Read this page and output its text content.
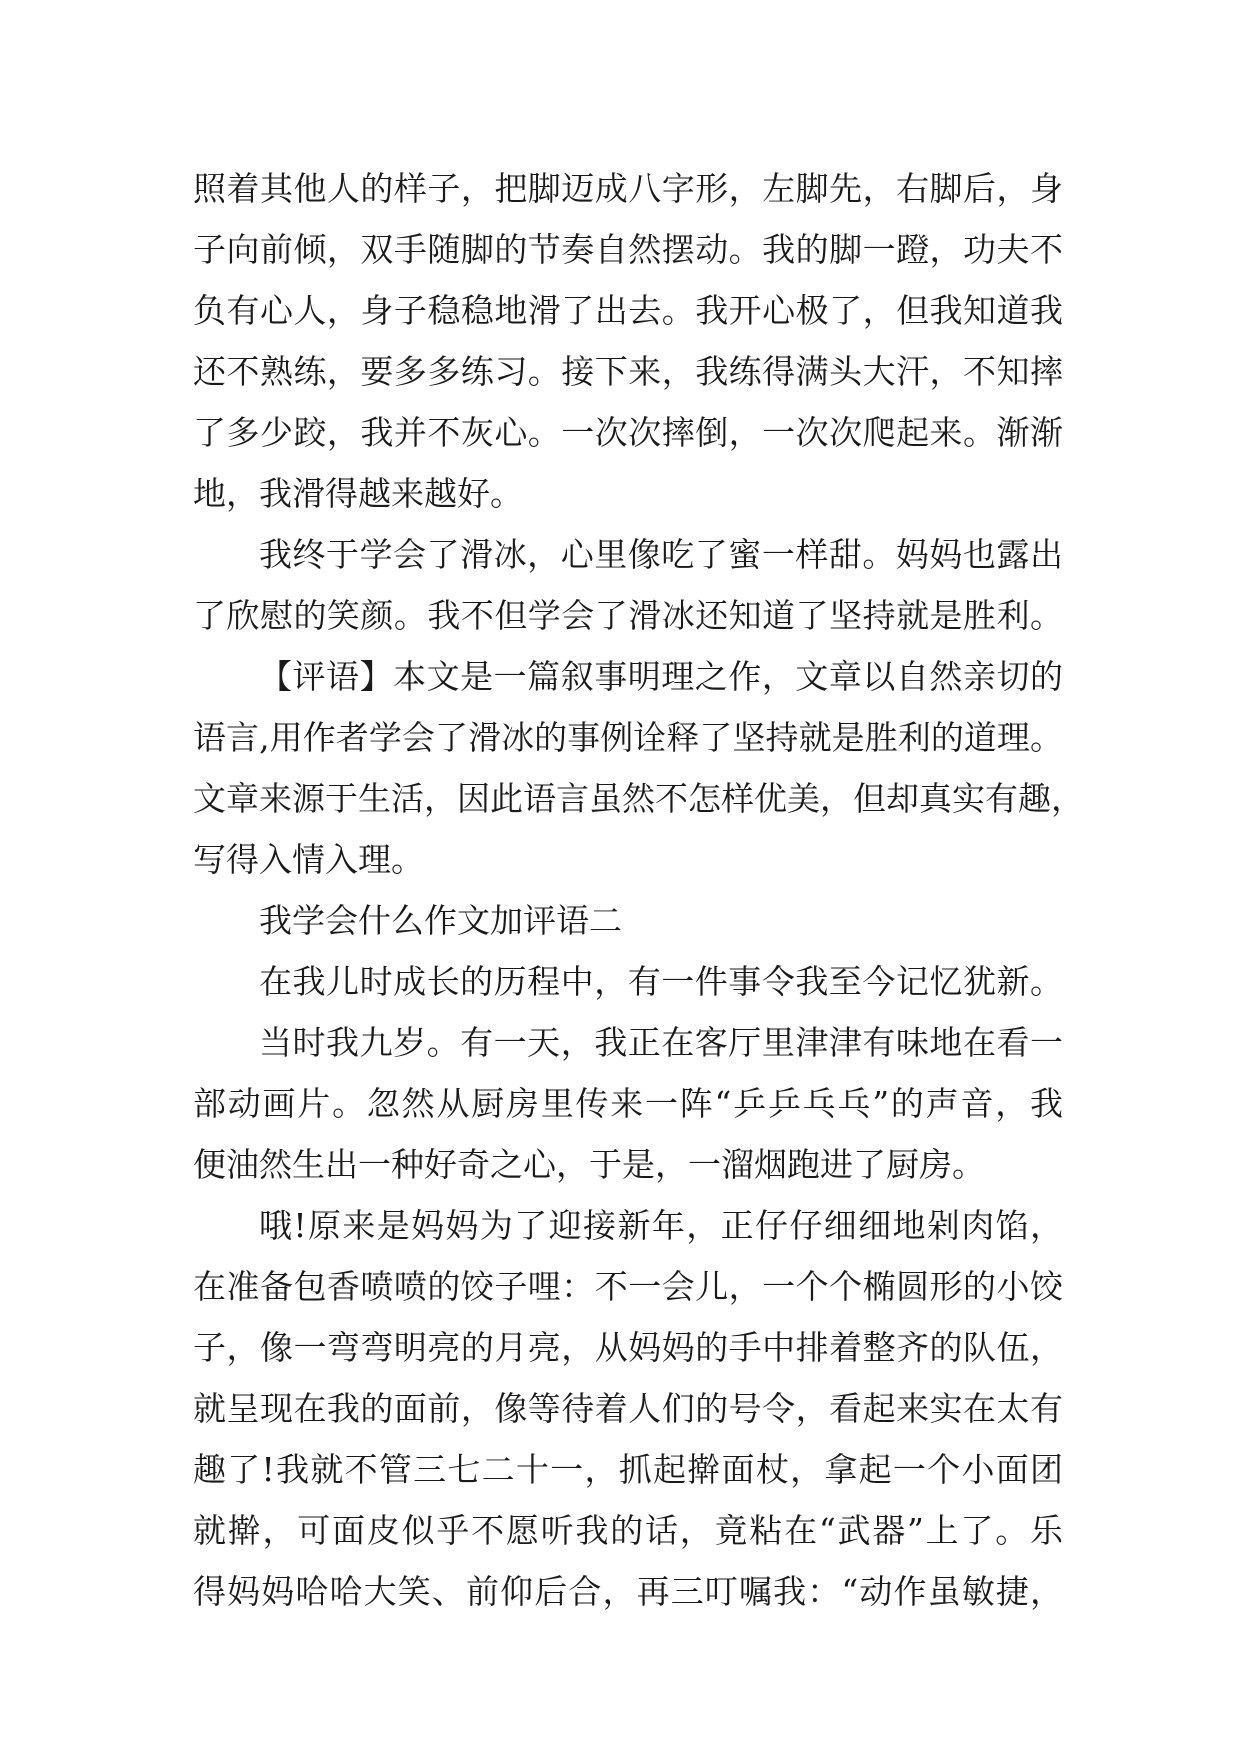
照着其他人的样子，把脚迈成八字形，左脚先，右脚后，身
子向前倾，双手随脚的节奏自然摆动。我的脚一蹬，功夫不
负有心人，身子稳稳地滑了出去。我开心极了，但我知道我
还不熟练，要多多练习。接下来，我练得满头大汗，不知摔
了多少跤，我并不灰心。一次次摔倒，一次次爬起来。渐渐
地，我滑得越来越好。
我终于学会了滑冰，心里像吃了蜜一样甜。妈妈也露出
了欣慰的笑颜。我不但学会了滑冰还知道了坚持就是胜利。
【评语】本文是一篇叙事明理之作，文章以自然亲切的
语言,用作者学会了滑冰的事例诠释了坚持就是胜利的道理。
文章来源于生活，因此语言虽然不怎样优美，但却真实有趣，
写得入情入理。
我学会什么作文加评语二
在我儿时成长的历程中，有一件事令我至今记忆犹新。
当时我九岁。有一天，我正在客厅里津津有味地在看一
部动画片。忽然从厨房里传来一阵“乒乒乓乓”的声音，我
便油然生出一种好奇之心，于是，一溜烟跑进了厨房。
哦!原来是妈妈为了迎接新年，正仔仔细细地剁肉馅，
在准备包香喷喷的饺子哩：不一会儿，一个个椭圆形的小饺
子，像一弯弯明亮的月亮，从妈妈的手中排着整齐的队伍，
就呈现在我的面前，像等待着人们的号令，看起来实在太有
趣了!我就不管三七二十一，抓起擀面杖，拿起一个小面团
就擀，可面皮似乎不愿听我的话，竟粘在“武器”上了。乐
得妈妈哈哈大笑、前仰后合，再三叮嘱我：“动作虽敏捷，
